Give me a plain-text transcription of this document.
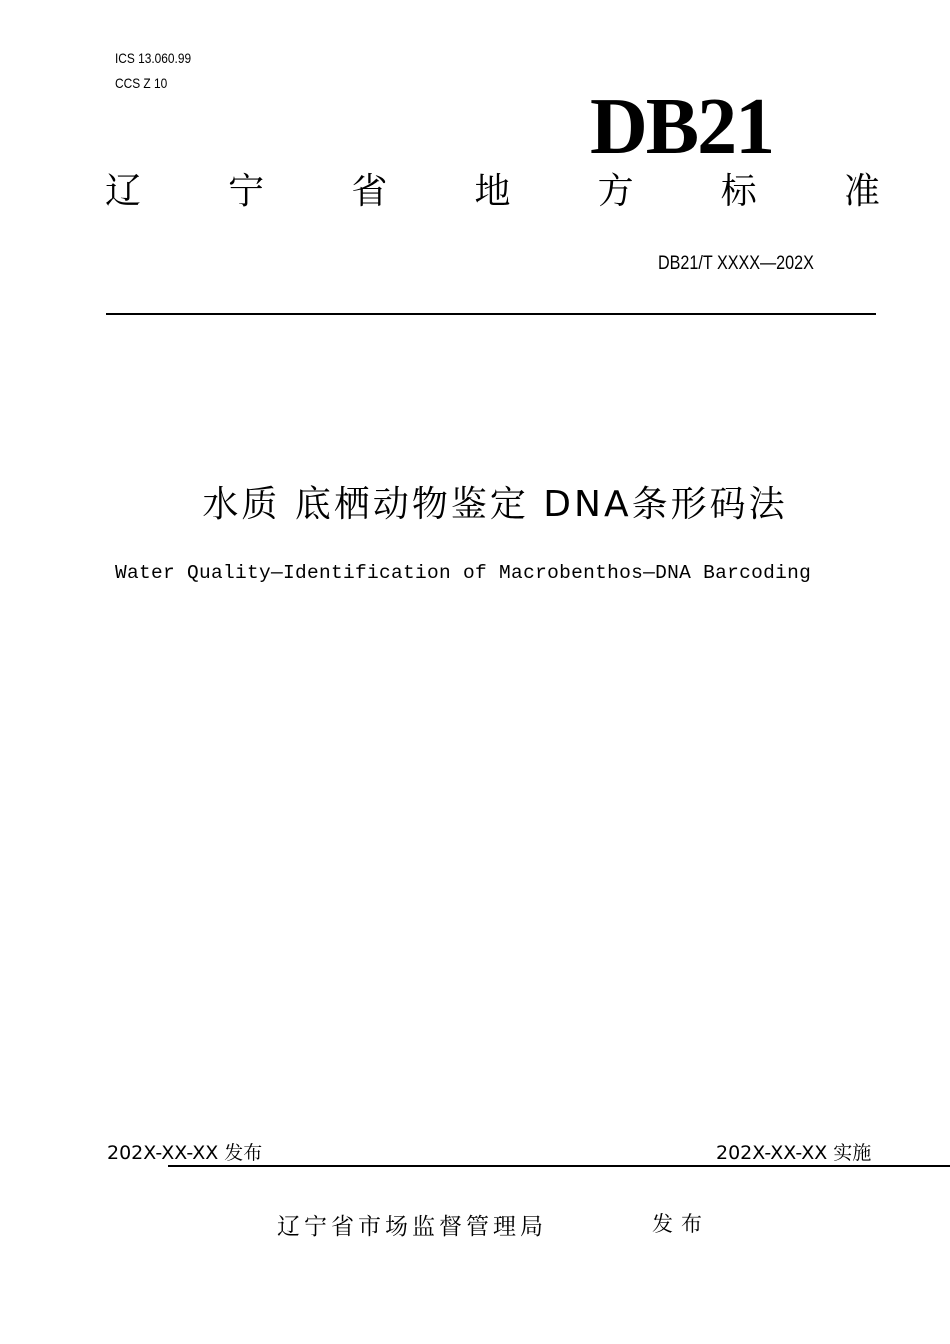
ICS 13.060.99
CCS Z 10	DB21
辽 宁 省 地 方 标 准
DB21/T XXXX—202X
水质 底栖动物鉴定 DNA条形码法
Water Quality—Identification of Macrobenthos—DNA Barcoding
202X-XX-XX 发布	202X-XX-XX 实施
辽宁省市场监督管理局	发布
